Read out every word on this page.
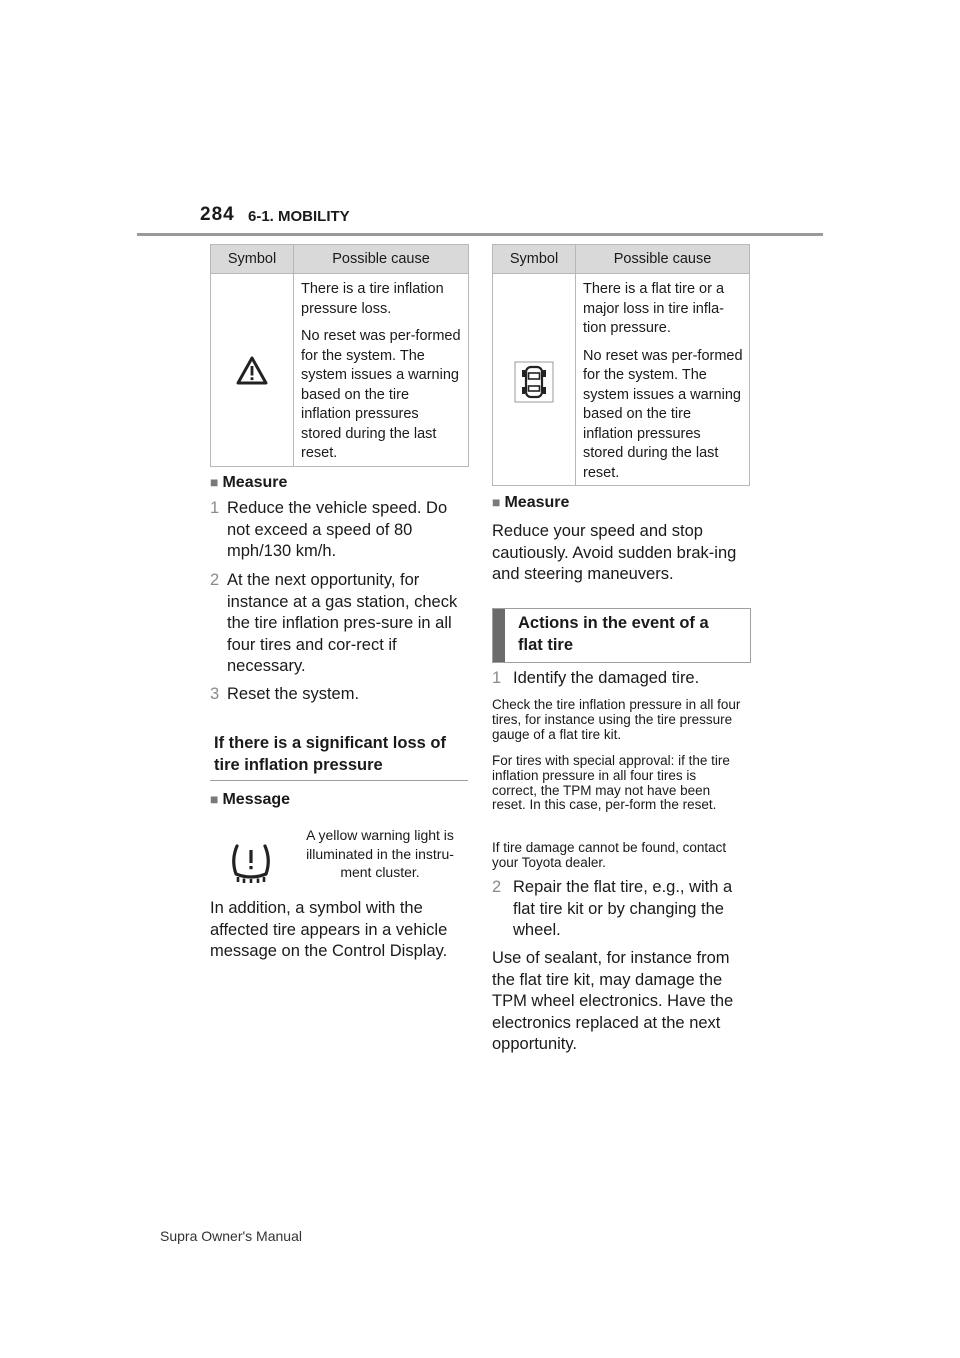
284 6-1. MOBILITY
Symbol	Possible cause

There is a tire inflation pressure loss.

No reset was per-formed for the system. The system issues a warning based on the tire inflation pressures stored during the last reset.

■ Measure
1 Reduce the vehicle speed. Do not exceed a speed of 80 mph/130 km/h.
2 At the next opportunity, for instance at a gas station, check the tire inflation pres-sure in all four tires and cor-rect if necessary.
3 Reset the system.
If there is a significant loss of tire inflation pressure
■ Message
A yellow warning light is illuminated in the instru-ment cluster.
In addition, a symbol with the affected tire appears in a vehicle message on the Control Display.
Symbol	Possible cause

There is a flat tire or a major loss in tire infla-tion pressure.

No reset was per-formed for the system. The system issues a warning based on the tire inflation pressures stored during the last reset.

■ Measure
Reduce your speed and stop cautiously. Avoid sudden brak-ing and steering maneuvers.
Actions in the event of a flat tire
1 Identify the damaged tire.
Check the tire inflation pressure in all four tires, for instance using the tire pressure gauge of a flat tire kit.
For tires with special approval: if the tire inflation pressure in all four tires is correct, the TPM may not have been reset. In this case, per-form the reset.
If tire damage cannot be found, contact your Toyota dealer.
2 Repair the flat tire, e.g., with a flat tire kit or by changing the wheel.
Use of sealant, for instance from the flat tire kit, may damage the TPM wheel electronics. Have the electronics replaced at the next opportunity.
Supra Owner's Manual
